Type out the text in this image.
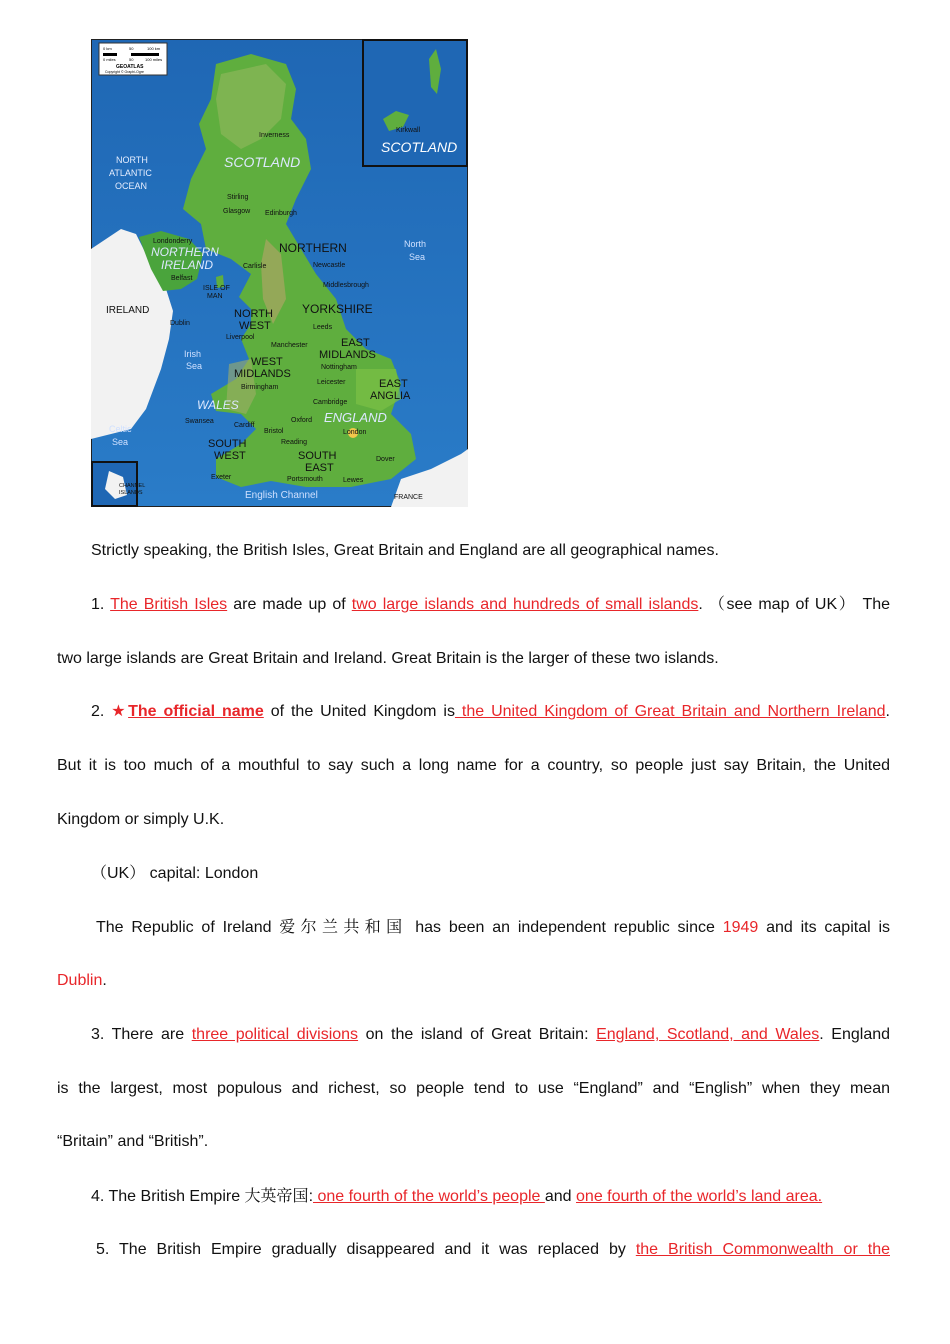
0 km	50	100 km
0 miles	50	100 miles
GEOATLAS
Copyright © Graphi-Ogre
Kirkwall
SCOTLAND
SCOTLAND
Inverness
NORTH
ATLANTIC
OCEAN
Stirling
Glasgow Edinburgh
NORTHERN	North
Sea
Londonderry
NORTHERN
IRELAND
Belfast
Carlisle	Newcastle
ISLE OF
MAN
Middlesbrough
IRELAND
Dublin
NORTH
WEST
YORKSHIRE
Leeds
Liverpool
Manchester
Irish
Sea
EAST
MIDLANDS
WEST
MIDLANDS
Nottingham
Birmingham
Leicester	EAST
ANGLIA
WALES	Cambridge
ENGLAND
Swansea
Cardiff
Oxford
Bristol	London
Celtic
Sea	SOUTH
WEST
Reading
SOUTH
EAST
Dover
Exeter	Portsmouth	Lewes
CHANNEL
ISLANDS	English Channel	FRANCE
Strictly speaking, the British Isles, Great Britain and England are all geographical names.
1. The British Isles are made up of two large islands and hundreds of small islands. （see map of UK） The
two large islands are Great Britain and Ireland. Great Britain is the larger of these two islands.
2. ★The official name of the United Kingdom is the United Kingdom of Great Britain and Northern Ireland.
But it is too much of a mouthful to say such a long name for a country, so people just say Britain, the United
Kingdom or simply U.K.
（UK） capital: London
The Republic of Ireland 爱尔兰共和国 has been an independent republic since 1949 and its capital is
Dublin.
3. There are three political divisions on the island of Great Britain: England, Scotland, and Wales. England
is the largest, most populous and richest, so people tend to use “England” and “English” when they mean
“Britain” and “British”.
4. The British Empire 大英帝国: one fourth of the world’s people and one fourth of the world’s land area.
5. The British Empire gradually disappeared and it was replaced by the British Commonwealth or the
